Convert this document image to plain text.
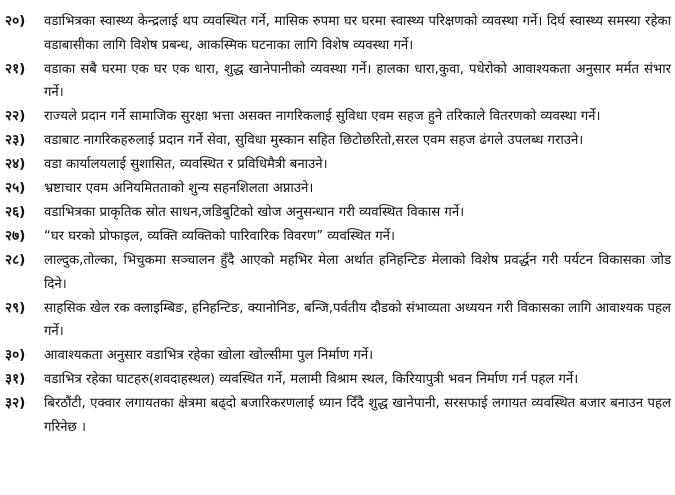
२०)	वडाभित्रका स्वास्थ्य केन्द्रलाई थप व्यवस्थित गर्ने, मासिक रुपमा घर घरमा स्वास्थ्य परिक्षणको व्यवस्था गर्ने। दिर्घ स्वास्थ्य समस्या रहेका वडाबासीका लागि विशेष प्रबन्ध, आकस्मिक घटनाका लागि विशेष व्यवस्था गर्ने।
२१)	वडाका सबै घरमा एक घर एक धारा, शुद्ध खानेपानीको व्यवस्था गर्ने। हालका धारा,कुवा, पधेरोको आवाश्यकता अनुसार मर्मत संभार गर्ने।
२२)	राज्यले प्रदान गर्ने सामाजिक सुरक्षा भत्ता असक्त नागरिकलाई सुविधा एवम सहज हुने तरिकाले वितरणको व्यवस्था गर्ने।
२३)	वडाबाट नागरिकहरुलाई प्रदान गर्ने सेवा, सुविधा मुस्कान सहित छिटोछरितो,सरल एवम सहज ढंगले उपलब्ध गराउने।
२४)	वडा कार्यालयलाई सुशासित, व्यवस्थित र प्रविधिमैत्री बनाउने।
२५)	भ्रष्टाचार एवम अनियमितताको शुन्य सहनशिलता अप्नाउने।
२६)	वडाभित्रका प्राकृतिक स्रोत साधन,जडिबुटिको खोज अनुसन्धान गरी व्यवस्थित विकास गर्ने।
२७)	“घर घरको प्रोफाइल, व्यक्ति व्यक्तिको पारिवारिक विवरण” व्यवस्थित गर्ने।
२८)	लाल्दुक,तोल्का, भिचुकमा सञ्चालन हुँदै आएको महभिर मेला अर्थात हनिहन्टिङ मेलाको विशेष प्रवर्द्धन गरी पर्यटन विकासका जोड दिने।
२९)	साहसिक खेल रक क्लाइम्बिङ, हनिहन्टिङ, क्यानोनिङ, बन्जि,पर्वतीय दौडको संभाव्यता अध्ययन गरी विकासका लागि आवाश्यक पहल गर्ने।
३०)	आवाश्यकता अनुसार वडाभित्र रहेका खोला खोल्सीमा पुल निर्माण गर्ने।
३१)	वडाभित्र रहेका घाटहरु(शवदाहस्थल) व्यवस्थित गर्ने, मलामी विश्राम स्थल, किरियापुत्री भवन निर्माण गर्न पहल गर्ने।
३२)	बिरठौंटी, एक्वार लगायतका क्षेत्रमा बढ्दो बजारिकरणलाई ध्यान दिँदै शुद्ध खानेपानी, सरसफाई लगायत व्यवस्थित बजार बनाउन पहल गरिनेछ ।
